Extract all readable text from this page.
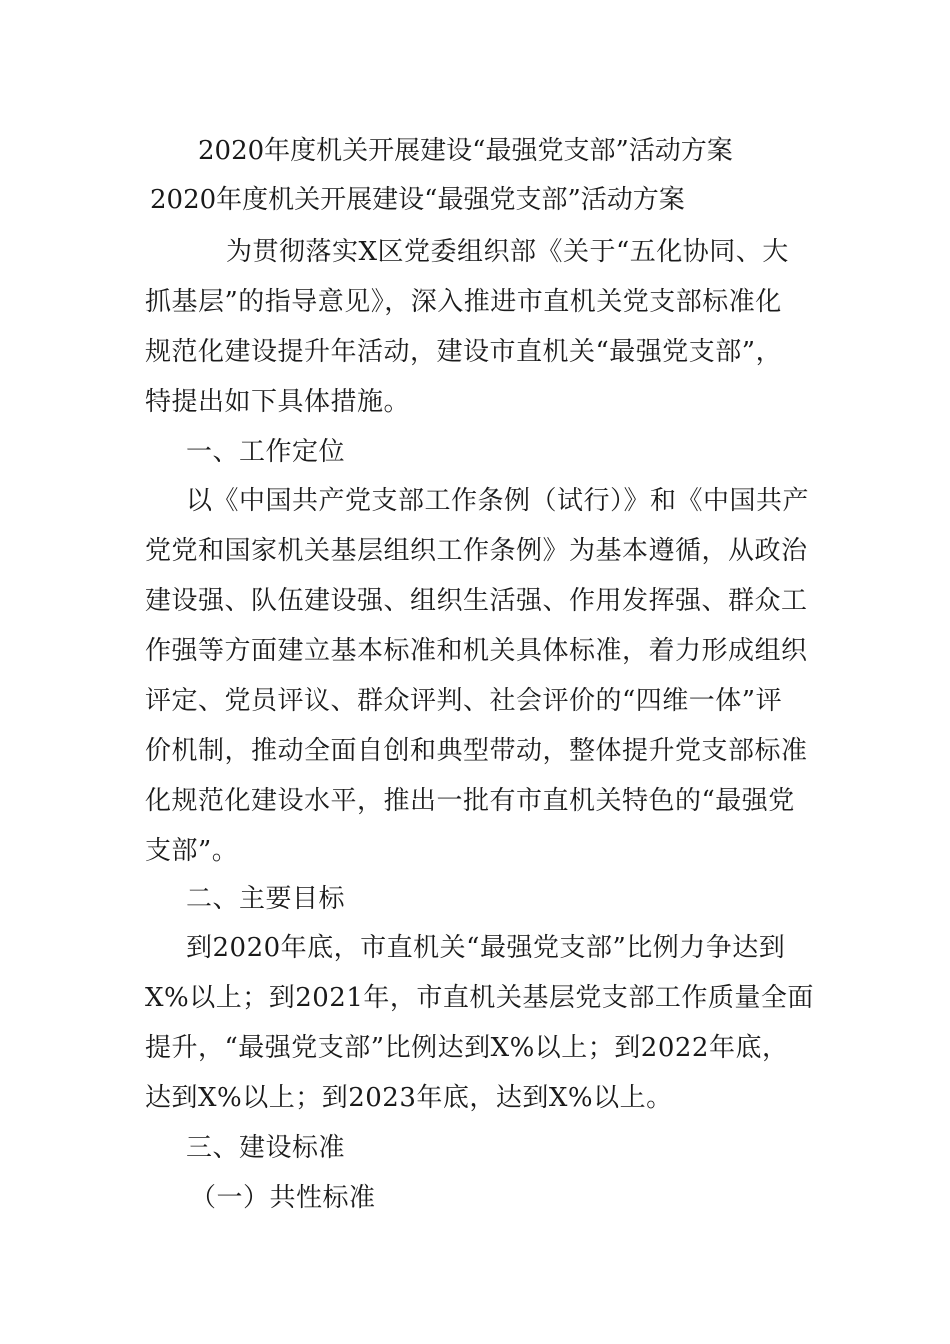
2020年度机关开展建设“最强党支部”活动方案
2020年度机关开展建设“最强党支部”活动方案
为贯彻落实X区党委组织部《关于“五化协同、大
抓基层”的指导意见》，深入推进市直机关党支部标准化
规范化建设提升年活动，建设市直机关“最强党支部”，
特提出如下具体措施。
一、工作定位
以《中国共产党支部工作条例（试行）》和《中国共产
党党和国家机关基层组织工作条例》为基本遵循，从政治
建设强、队伍建设强、组织生活强、作用发挥强、群众工
作强等方面建立基本标准和机关具体标准，着力形成组织
评定、党员评议、群众评判、社会评价的“四维一体”评
价机制，推动全面自创和典型带动，整体提升党支部标准
化规范化建设水平，推出一批有市直机关特色的“最强党
支部”。
二、主要目标
到2020年底，市直机关“最强党支部”比例力争达到
X%以上；到2021年，市直机关基层党支部工作质量全面
提升，“最强党支部”比例达到X%以上；到2022年底，
达到X%以上；到2023年底，达到X%以上。
三、建设标准
（一）共性标准
